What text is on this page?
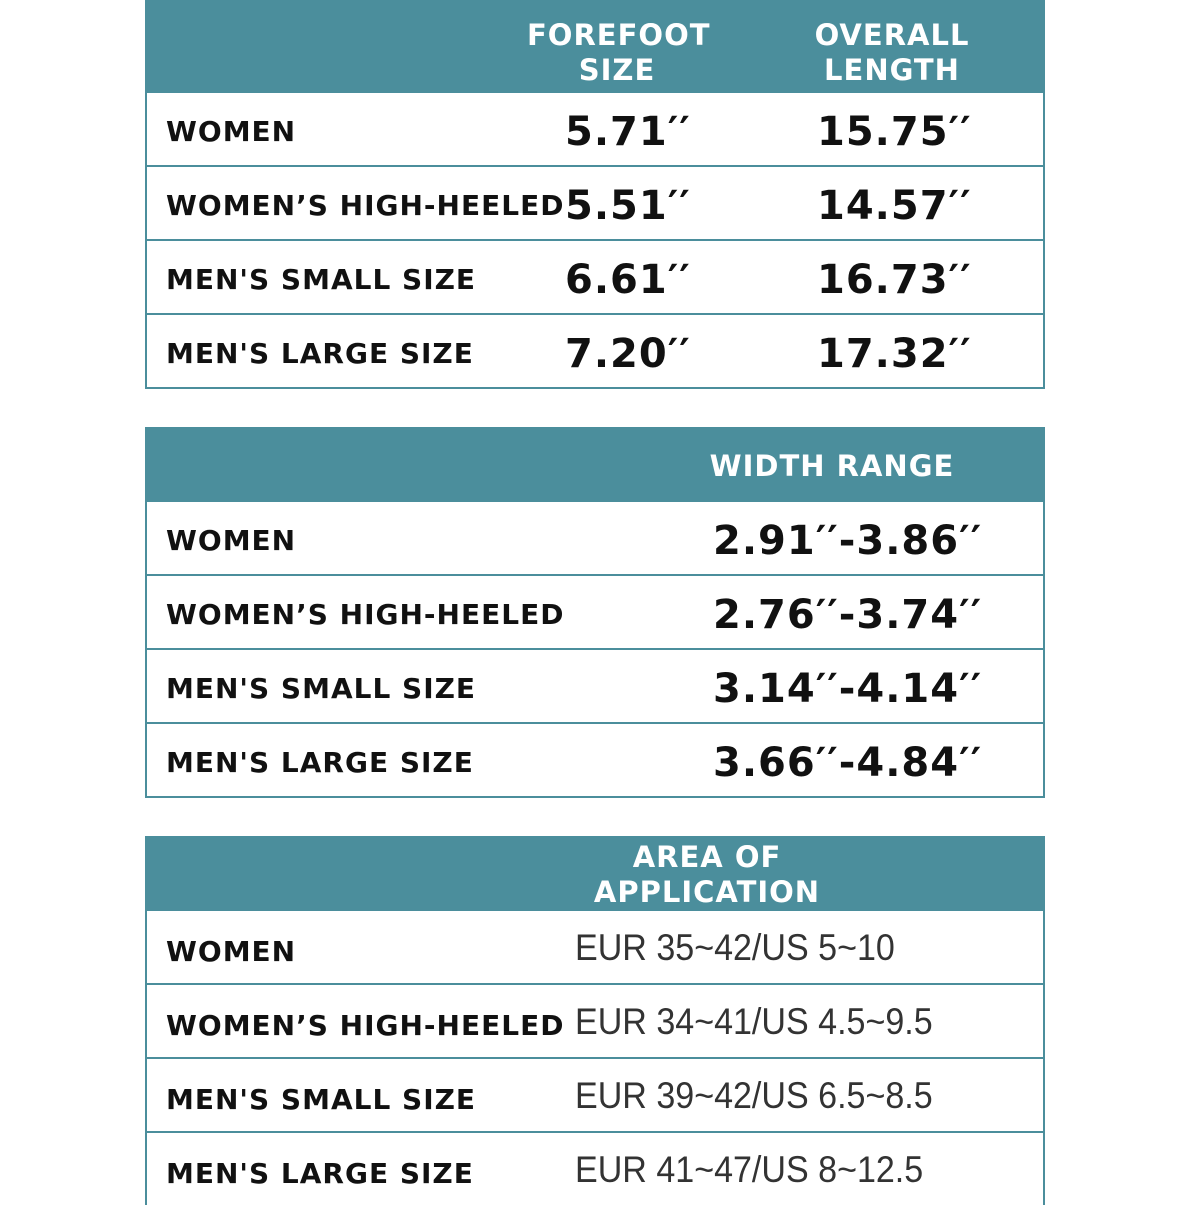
FOREFOOT SIZE
OVERALL LENGTH
WOMEN	5.71′′	15.75′′
WOMEN’S HIGH-HEELED 5.51′′	14.57′′
MEN'S SMALL SIZE 6.61′′	16.73′′
MEN'S LARGE SIZE 7.20′′	17.32′′
WIDTH RANGE
WOMEN	2.91′′-3.86′′
WOMEN’S HIGH-HEELED	2.76′′-3.74′′
MEN'S SMALL SIZE	3.14′′-4.14′′
MEN'S LARGE SIZE	3.66′′-4.84′′
AREA OF APPLICATION
WOMEN	EUR 35~42/US 5~10
WOMEN’S HIGH-HEELED EUR 34~41/US 4.5~9.5
MEN'S SMALL SIZE	EUR 39~42/US 6.5~8.5
MEN'S LARGE SIZE	EUR 41~47/US 8~12.5
